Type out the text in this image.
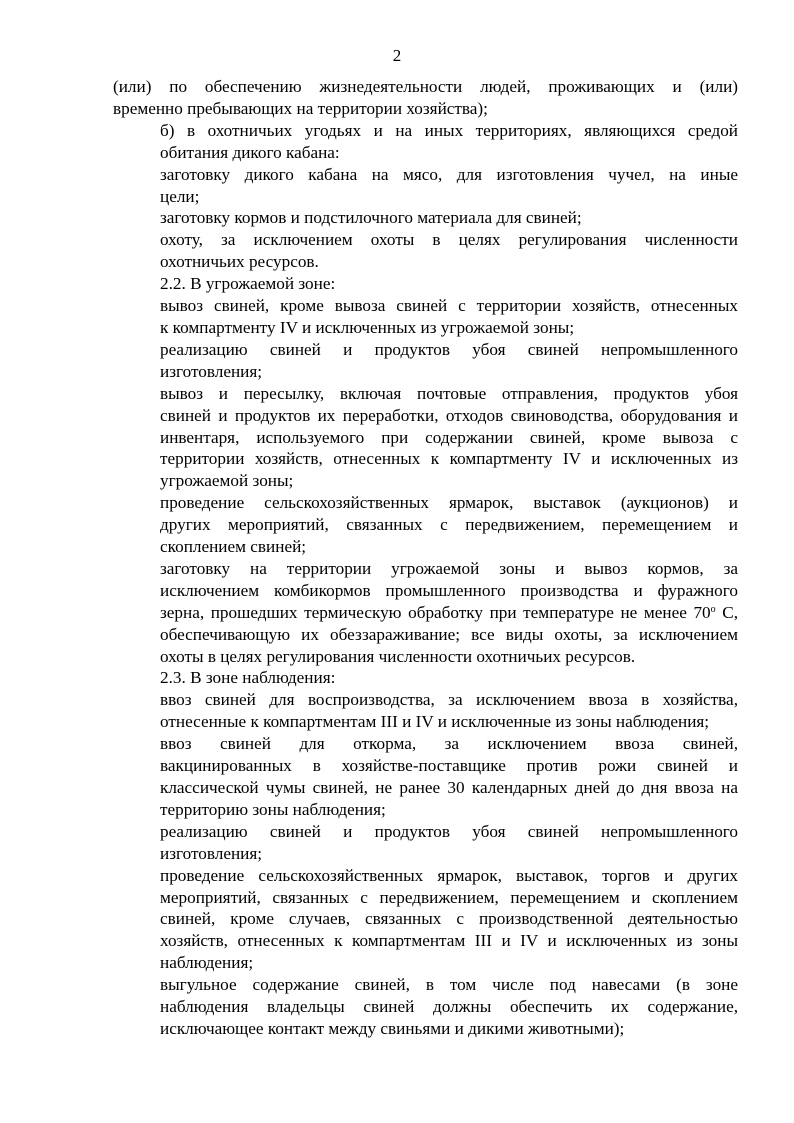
2

(или) по обеспечению жизнедеятельности людей, проживающих и (или)
временно пребывающих на территории хозяйства);

б) в охотничьих угодьях и на иных территориях, являющихся средой
обитания дикого кабана:

заготовку дикого кабана на мясо, для изготовления чучел, на иные
цели;

заготовку кормов и подстилочного материала для свиней;

охоту, за исключением охоты в целях регулирования численности
охотничьих ресурсов.

2.2. В угрожаемой зоне:

вывоз свиней, кроме вывоза свиней с территории хозяйств, отнесенных
к компартменту IV и исключенных из угрожаемой зоны;

реализацию свиней и продуктов убоя свиней непромышленного
изготовления;

вывоз и пересылку, включая почтовые отправления, продуктов убоя
свиней и продуктов их переработки, отходов свиноводства, оборудования и
инвентаря, используемого при содержании свиней, кроме вывоза с
территории хозяйств, отнесенных к компартменту IV и исключенных из
угрожаемой зоны;

проведение сельскохозяйственных ярмарок, выставок (аукционов) и
других мероприятий, связанных с передвижением, перемещением и
скоплением свиней;

заготовку на территории угрожаемой зоны и вывоз кормов, за
исключением комбикормов промышленного производства и фуражного
зерна, прошедших термическую обработку при температуре не менее 70$^o$ С,
обеспечивающую их обеззараживание; все виды охоты, за исключением
охоты в целях регулирования численности охотничьих ресурсов.

2.3. В зоне наблюдения:

ввоз свиней для воспроизводства, за исключением ввоза в хозяйства,
отнесенные к компартментам III и IV и исключенные из зоны наблюдения;

ввоз свиней для откорма, за исключением ввоза свиней,
вакцинированных в хозяйстве-поставщике против рожи свиней и
классической чумы свиней, не ранее 30 календарных дней до дня ввоза на
территорию зоны наблюдения;

реализацию свиней и продуктов убоя свиней непромышленного
изготовления;

проведение сельскохозяйственных ярмарок, выставок, торгов и других
мероприятий, связанных с передвижением, перемещением и скоплением
свиней, кроме случаев, связанных с производственной деятельностью
хозяйств, отнесенных к компартментам III и IV и исключенных из зоны
наблюдения;

выгульное содержание свиней, в том числе под навесами (в зоне
наблюдения владельцы свиней должны обеспечить их содержание,
исключающее контакт между свиньями и дикими животными);
